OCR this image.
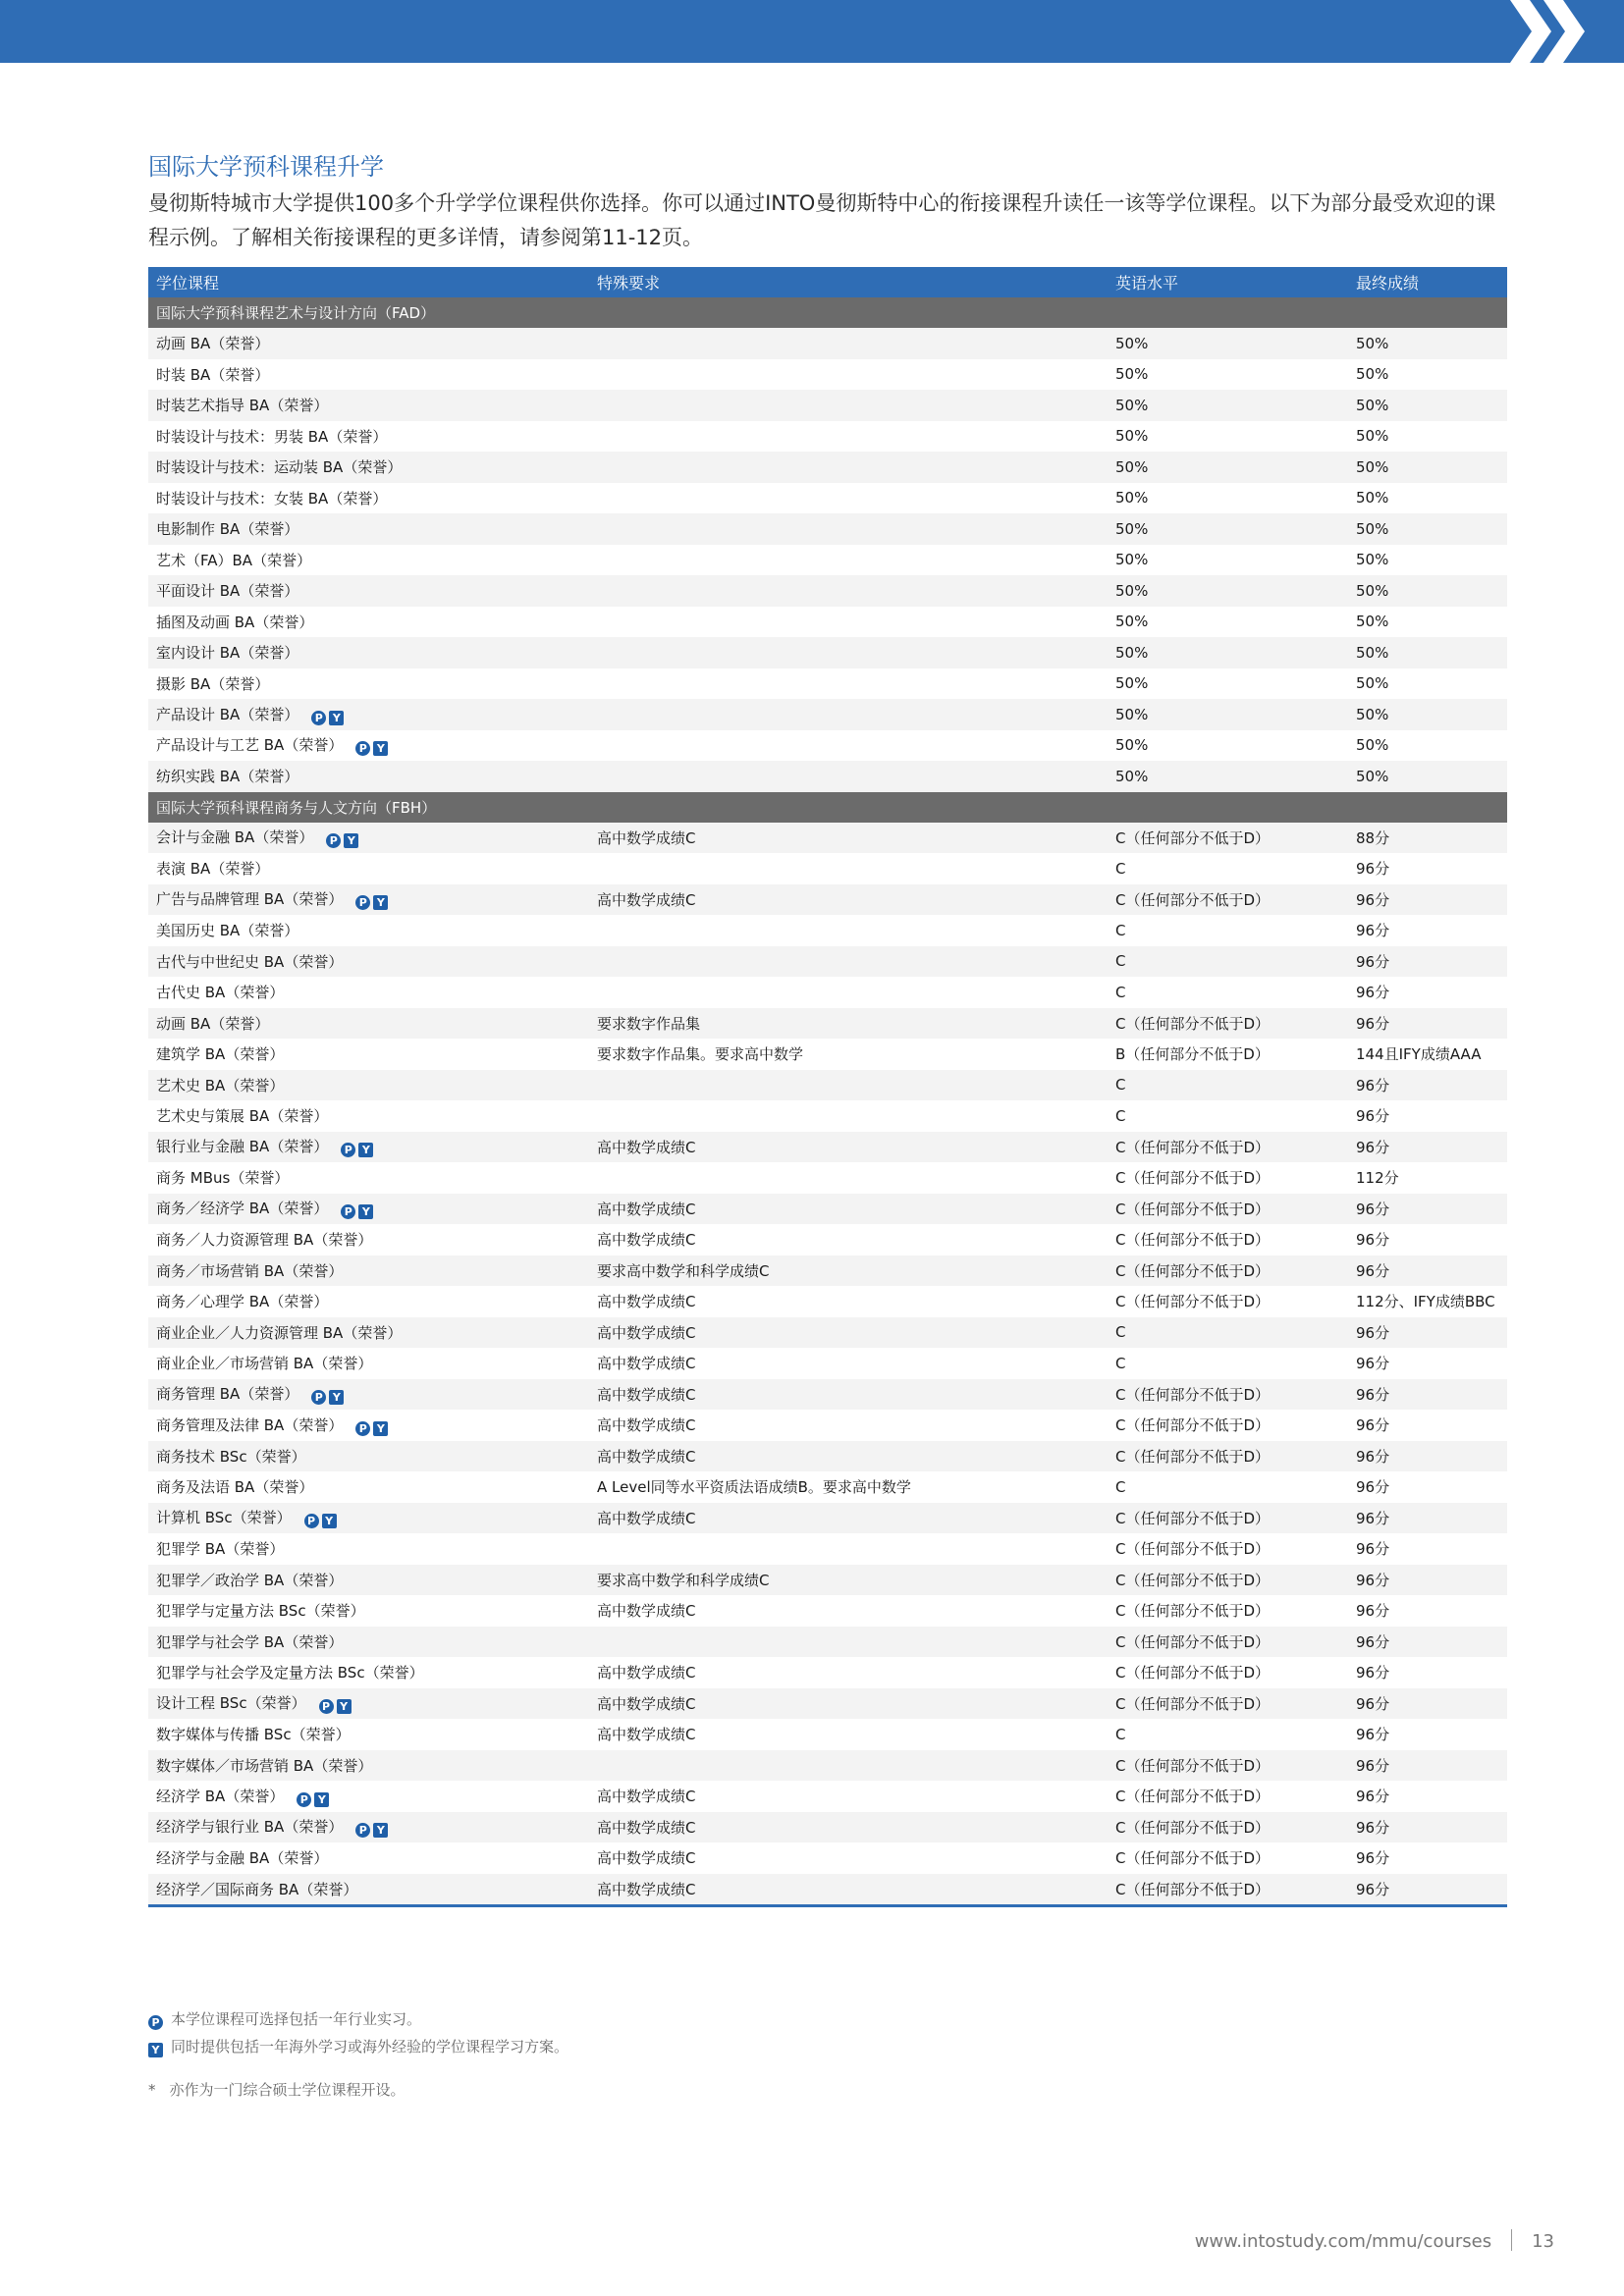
国际大学预科课程升学

曼彻斯特城市大学提供100多个升学学位课程供你选择。你可以通过INTO曼彻斯特中心的衔接课程升读任一该等学位课程。以下为部分最受欢迎的课程示例。了解相关衔接课程的更多详情，请参阅第11-12页。

学位课程	特殊要求	英语水平	最终成绩
国际大学预科课程艺术与设计方向（FAD）			
动画 BA（荣誉）		50%	50%
时装 BA（荣誉）		50%	50%
时装艺术指导 BA（荣誉）		50%	50%
时装设计与技术：男装 BA（荣誉）		50%	50%
时装设计与技术：运动装 BA（荣誉）		50%	50%
时装设计与技术：女装 BA（荣誉）		50%	50%
电影制作 BA（荣誉）		50%	50%
艺术（FA）BA（荣誉）		50%	50%
平面设计 BA（荣誉）		50%	50%
插图及动画 BA（荣誉）		50%	50%
室内设计 BA（荣誉）		50%	50%
摄影 BA（荣誉）		50%	50%
产品设计 BA（荣誉） P Y		50%	50%
产品设计与工艺 BA（荣誉） P Y		50%	50%
纺织实践 BA（荣誉）		50%	50%
国际大学预科课程商务与人文方向（FBH）			
会计与金融 BA（荣誉） P Y	高中数学成绩C	C（任何部分不低于D）	88分
表演 BA（荣誉）		C	96分
广告与品牌管理 BA（荣誉） P Y	高中数学成绩C	C（任何部分不低于D）	96分
美国历史 BA（荣誉）		C	96分
古代与中世纪史 BA（荣誉）		C	96分
古代史 BA（荣誉）		C	96分
动画 BA（荣誉）	要求数字作品集	C（任何部分不低于D）	96分
建筑学 BA（荣誉）	要求数字作品集。要求高中数学	B（任何部分不低于D）	144且IFY成绩AAA
艺术史 BA（荣誉）		C	96分
艺术史与策展 BA（荣誉）		C	96分
银行业与金融 BA（荣誉） P Y	高中数学成绩C	C（任何部分不低于D）	96分
商务 MBus（荣誉）		C（任何部分不低于D）	112分
商务／经济学 BA（荣誉） P Y	高中数学成绩C	C（任何部分不低于D）	96分
商务／人力资源管理 BA（荣誉）	高中数学成绩C	C（任何部分不低于D）	96分
商务／市场营销 BA（荣誉）	要求高中数学和科学成绩C	C（任何部分不低于D）	96分
商务／心理学 BA（荣誉）	高中数学成绩C	C（任何部分不低于D）	112分、IFY成绩BBC
商业企业／人力资源管理 BA（荣誉）	高中数学成绩C	C	96分
商业企业／市场营销 BA（荣誉）	高中数学成绩C	C	96分
商务管理 BA（荣誉） P Y	高中数学成绩C	C（任何部分不低于D）	96分
商务管理及法律 BA（荣誉） P Y	高中数学成绩C	C（任何部分不低于D）	96分
商务技术 BSc（荣誉）	高中数学成绩C	C（任何部分不低于D）	96分
商务及法语 BA（荣誉）	A Level同等水平资质法语成绩B。要求高中数学	C	96分
计算机 BSc（荣誉） P Y	高中数学成绩C	C（任何部分不低于D）	96分
犯罪学 BA（荣誉）		C（任何部分不低于D）	96分
犯罪学／政治学 BA（荣誉）	要求高中数学和科学成绩C	C（任何部分不低于D）	96分
犯罪学与定量方法 BSc（荣誉）	高中数学成绩C	C（任何部分不低于D）	96分
犯罪学与社会学 BA（荣誉）		C（任何部分不低于D）	96分
犯罪学与社会学及定量方法 BSc（荣誉）	高中数学成绩C	C（任何部分不低于D）	96分
设计工程 BSc（荣誉） P Y	高中数学成绩C	C（任何部分不低于D）	96分
数字媒体与传播 BSc（荣誉）	高中数学成绩C	C	96分
数字媒体／市场营销 BA（荣誉）		C（任何部分不低于D）	96分
经济学 BA（荣誉） P Y	高中数学成绩C	C（任何部分不低于D）	96分
经济学与银行业 BA（荣誉） P Y	高中数学成绩C	C（任何部分不低于D）	96分
经济学与金融 BA（荣誉）	高中数学成绩C	C（任何部分不低于D）	96分
经济学／国际商务 BA（荣誉）	高中数学成绩C	C（任何部分不低于D）	96分
P 本学位课程可选择包括一年行业实习。
Y 同时提供包括一年海外学习或海外经验的学位课程学习方案。
* 亦作为一门综合硕士学位课程开设。
www.intostudy.com/mmu/courses 13
